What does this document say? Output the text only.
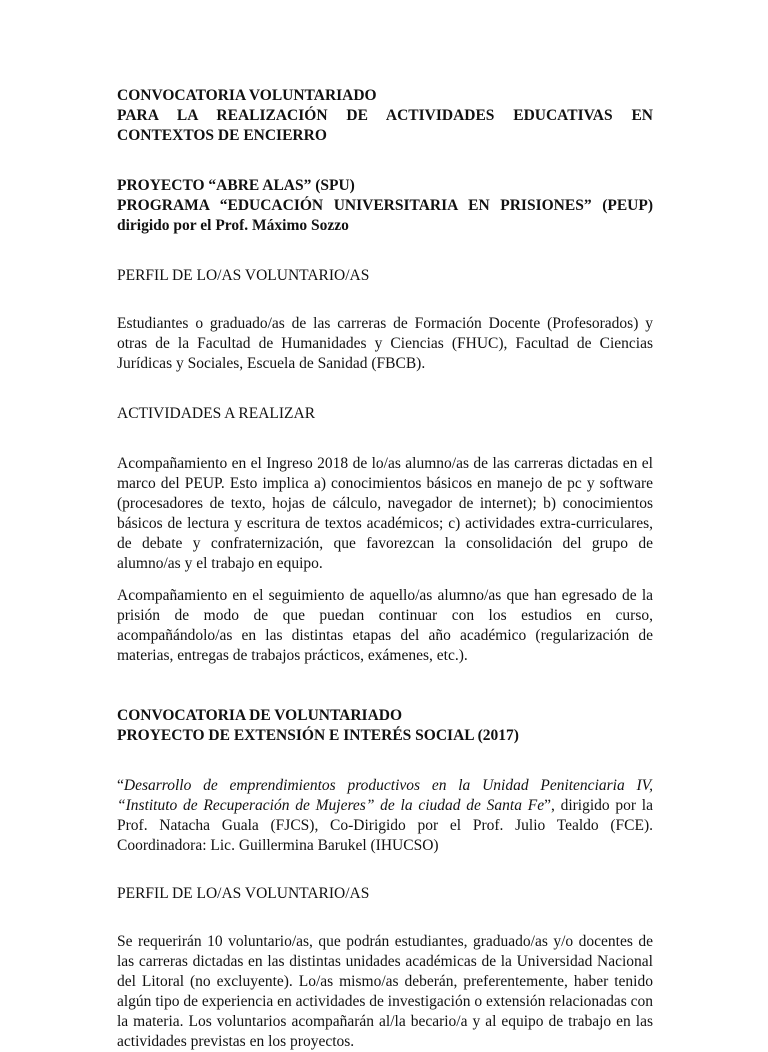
CONVOCATORIA VOLUNTARIADO

PARA LA REALIZACIÓN DE ACTIVIDADES EDUCATIVAS EN

CONTEXTOS DE ENCIERRO

PROYECTO “ABRE ALAS” (SPU)

PROGRAMA “EDUCACIÓN UNIVERSITARIA EN PRISIONES” (PEUP)

dirigido por el Prof. Máximo Sozzo

PERFIL DE LO/AS VOLUNTARIO/AS

Estudiantes o graduado/as de las carreras de Formación Docente (Profesorados) y otras de la Facultad de Humanidades y Ciencias (FHUC), Facultad de Ciencias Jurídicas y Sociales, Escuela de Sanidad (FBCB).

ACTIVIDADES A REALIZAR

Acompañamiento en el Ingreso 2018 de lo/as alumno/as de las carreras dictadas en el marco del PEUP. Esto implica a) conocimientos básicos en manejo de pc y software (procesadores de texto, hojas de cálculo, navegador de internet); b) conocimientos básicos de lectura y escritura de textos académicos; c) actividades extra-curriculares, de debate y confraternización, que favorezcan la consolidación del grupo de alumno/as y el trabajo en equipo.

Acompañamiento en el seguimiento de aquello/as alumno/as que han egresado de la prisión de modo de que puedan continuar con los estudios en curso, acompañándolo/as en las distintas etapas del año académico (regularización de materias, entregas de trabajos prácticos, exámenes, etc.).

CONVOCATORIA DE VOLUNTARIADO

PROYECTO DE EXTENSIÓN E INTERÉS SOCIAL (2017)

“Desarrollo de emprendimientos productivos en la Unidad Penitenciaria IV, “Instituto de Recuperación de Mujeres” de la ciudad de Santa Fe”, dirigido por la Prof. Natacha Guala (FJCS), Co-Dirigido por el Prof. Julio Tealdo (FCE). Coordinadora: Lic. Guillermina Barukel (IHUCSO)

PERFIL DE LO/AS VOLUNTARIO/AS

Se requerirán 10 voluntario/as, que podrán estudiantes, graduado/as y/o docentes de las carreras dictadas en las distintas unidades académicas de la Universidad Nacional del Litoral (no excluyente). Lo/as mismo/as deberán, preferentemente, haber tenido algún tipo de experiencia en actividades de investigación o extensión relacionadas con la materia. Los voluntarios acompañarán al/la becario/a y al equipo de trabajo en las actividades previstas en los proyectos.
